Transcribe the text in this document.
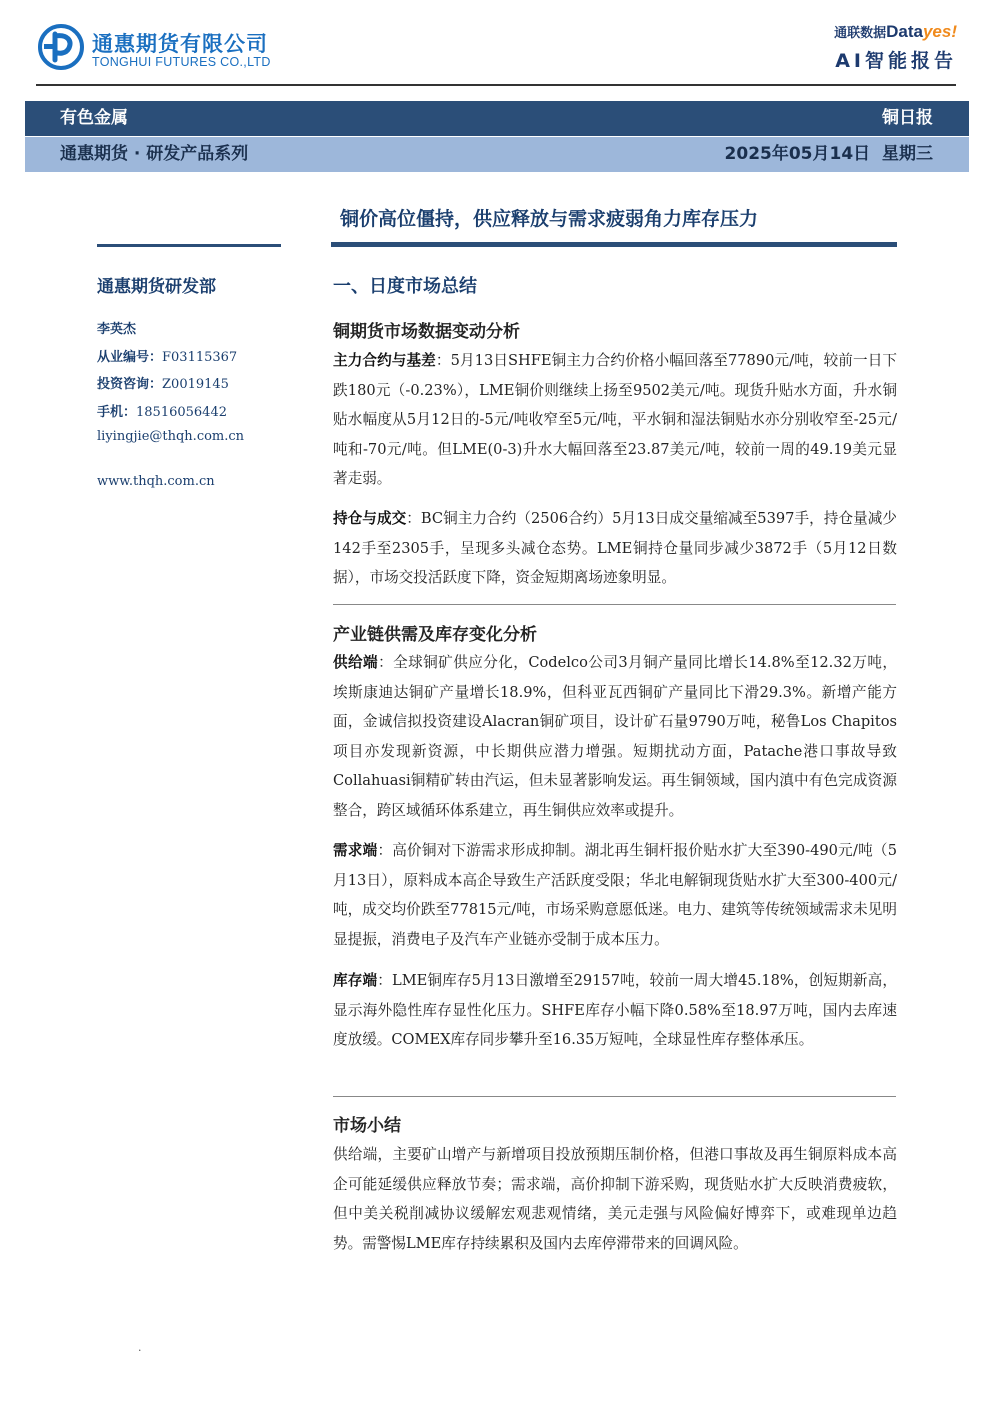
通惠期货有限公司
TONGHUI FUTURES CO.,LTD
通联数据Datayes!
AI智能报告
有色金属	铜日报
通惠期货 · 研发产品系列	2025年05月14日  星期三
铜价高位僵持，供应释放与需求疲弱角力库存压力
通惠期货研发部
李英杰
从业编号：F03115367
投资咨询：Z0019145
手机：18516056442
liyingjie@thqh.com.cn
www.thqh.com.cn
一、日度市场总结
铜期货市场数据变动分析

主力合约与基差：5月13日SHFE铜主力合约价格小幅回落至77890元/吨，较前一日下跌180元（-0.23%），LME铜价则继续上扬至9502美元/吨。现货升贴水方面，升水铜贴水幅度从5月12日的-5元/吨收窄至5元/吨，平水铜和湿法铜贴水亦分别收窄至-25元/吨和-70元/吨。但LME(0-3)升水大幅回落至23.87美元/吨，较前一周的49.19美元显著走弱。

持仓与成交：BC铜主力合约（2506合约）5月13日成交量缩减至5397手，持仓量减少142手至2305手，呈现多头减仓态势。LME铜持仓量同步减少3872手（5月12日数据），市场交投活跃度下降，资金短期离场迹象明显。

产业链供需及库存变化分析

供给端：全球铜矿供应分化，Codelco公司3月铜产量同比增长14.8%至12.32万吨，埃斯康迪达铜矿产量增长18.9%，但科亚瓦西铜矿产量同比下滑29.3%。新增产能方面，金诚信拟投资建设Alacran铜矿项目，设计矿石量9790万吨，秘鲁Los Chapitos项目亦发现新资源，中长期供应潜力增强。短期扰动方面，Patache港口事故导致Collahuasi铜精矿转由汽运，但未显著影响发运。再生铜领域，国内滇中有色完成资源整合，跨区域循环体系建立，再生铜供应效率或提升。

需求端：高价铜对下游需求形成抑制。湖北再生铜杆报价贴水扩大至390-490元/吨（5月13日），原料成本高企导致生产活跃度受限；华北电解铜现货贴水扩大至300-400元/吨，成交均价跌至77815元/吨，市场采购意愿低迷。电力、建筑等传统领域需求未见明显提振，消费电子及汽车产业链亦受制于成本压力。

库存端：LME铜库存5月13日激增至29157吨，较前一周大增45.18%，创短期新高，显示海外隐性库存显性化压力。SHFE库存小幅下降0.58%至18.97万吨，国内去库速度放缓。COMEX库存同步攀升至16.35万短吨，全球显性库存整体承压。

市场小结

供给端，主要矿山增产与新增项目投放预期压制价格，但港口事故及再生铜原料成本高企可能延缓供应释放节奏；需求端，高价抑制下游采购，现货贴水扩大反映消费疲软，但中美关税削减协议缓解宏观悲观情绪，美元走强与风险偏好博弈下，或难现单边趋势。需警惕LME库存持续累积及国内去库停滞带来的回调风险。

·
